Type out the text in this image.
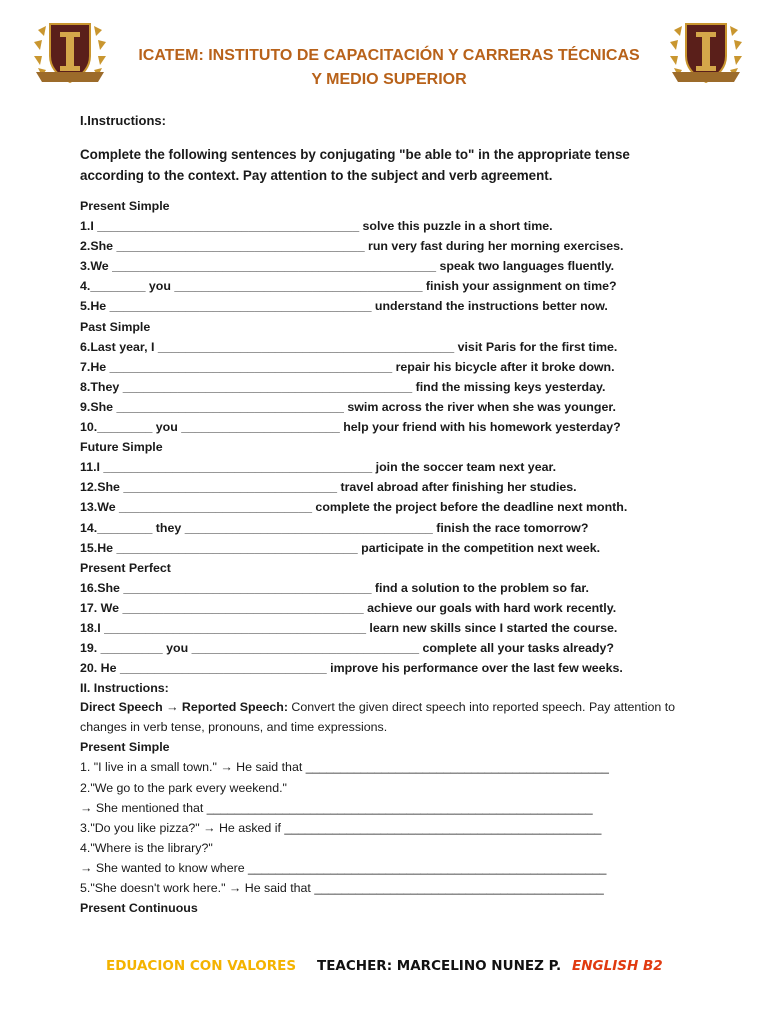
ICATEM: INSTITUTO DE CAPACITACIÓN Y CARRERAS TÉCNICAS
Y MEDIO SUPERIOR
I.Instructions:
Complete the following sentences by conjugating "be able to" in the appropriate tense according to the context. Pay attention to the subject and verb agreement.
Present Simple
1.I ______________________________________ solve this puzzle in a short time.
2.She ____________________________________ run very fast during her morning exercises.
3.We _______________________________________________ speak two languages fluently.
4.________ you ____________________________________ finish your assignment on time?
5.He ______________________________________ understand the instructions better now.
Past Simple
6.Last year, I ___________________________________________ visit Paris for the first time.
7.He _________________________________________ repair his bicycle after it broke down.
8.They __________________________________________ find the missing keys yesterday.
9.She _________________________________ swim across the river when she was younger.
10.________ you _______________________ help your friend with his homework yesterday?
Future Simple
11.I _______________________________________ join the soccer team next year.
12.She _______________________________ travel abroad after finishing her studies.
13.We ____________________________ complete the project before the deadline next month.
14.________ they ____________________________________ finish the race tomorrow?
15.He ___________________________________ participate in the competition next week.
Present Perfect
16.She ____________________________________ find a solution to the problem so far.
17. We ___________________________________ achieve our goals with hard work recently.
18.I ______________________________________ learn new skills since I started the course.
19. _________ you _________________________________ complete all your tasks already?
20. He ______________________________ improve his performance over the last few weeks.
II. Instructions:
Direct Speech → Reported Speech: Convert the given direct speech into reported speech. Pay attention to changes in verb tense, pronouns, and time expressions.
Present Simple
1. "I live in a small town." → He said that ____________________________________________
2."We go to the park every weekend."
→ She mentioned that ________________________________________________________
3."Do you like pizza?" → He asked if ______________________________________________
4."Where is the library?"
→ She wanted to know where ____________________________________________________
5."She doesn't work here." → He said that __________________________________________
Present Continuous
EDUACION CON VALORES TEACHER: MARCELINO NUNEZ P. ENGLISH B2
